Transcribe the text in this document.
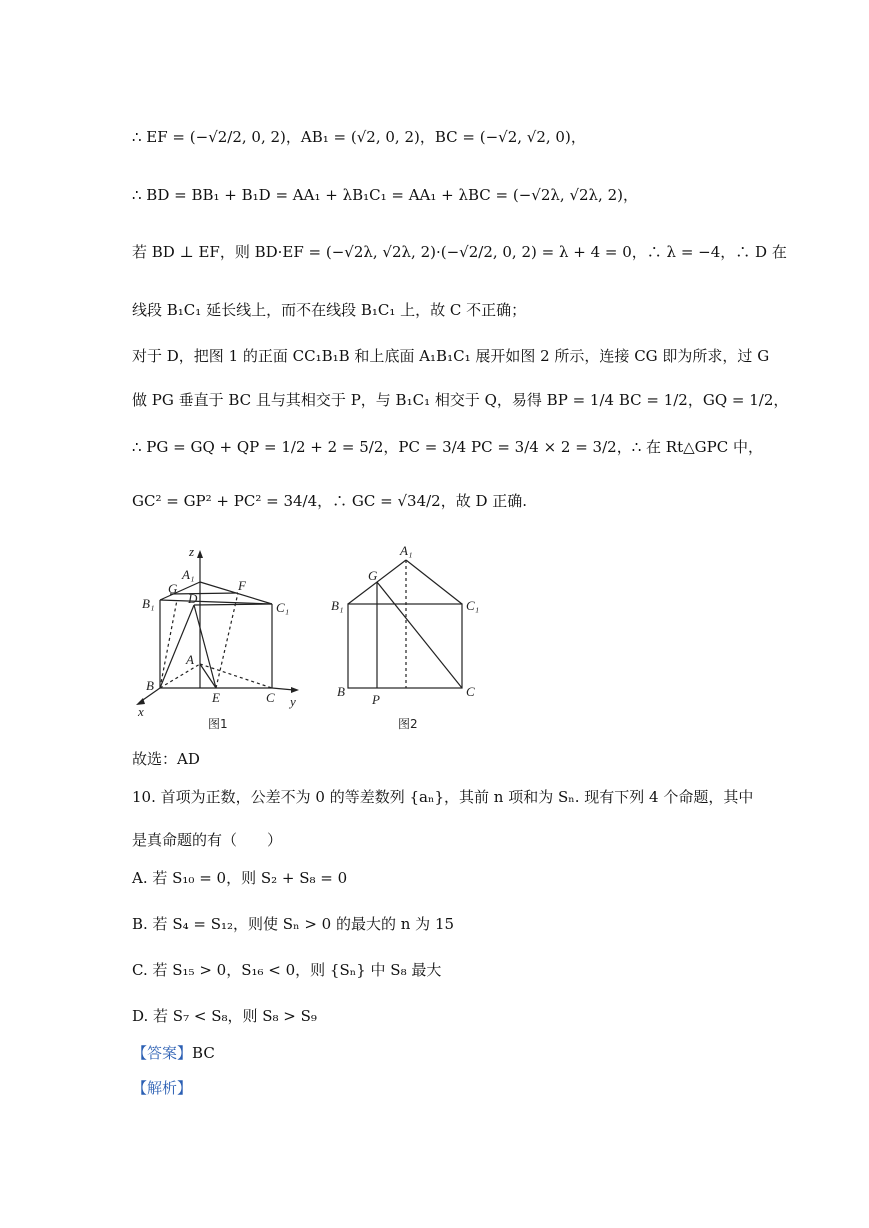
∴ EF = (−√2/2, 0, 2)，AB₁ = (√2, 0, 2)，BC = (−√2, √2, 0)，
∴ BD = BB₁ + B₁D = AA₁ + λB₁C₁ = AA₁ + λBC = (−√2λ, √2λ, 2)，
若 BD ⊥ EF，则 BD·EF = (−√2λ, √2λ, 2)·(−√2/2, 0, 2) = λ + 4 = 0，∴ λ = −4，∴ D 在
线段 B₁C₁ 延长线上，而不在线段 B₁C₁ 上，故 C 不正确；
对于 D，把图 1 的正面 CC₁B₁B 和上底面 A₁B₁C₁ 展开如图 2 所示，连接 CG 即为所求，过 G
做 PG 垂直于 BC 且与其相交于 P，与 B₁C₁ 相交于 Q，易得 BP = 1/4 BC = 1/2，GQ = 1/2，
∴ PG = GQ + QP = 1/2 + 2 = 5/2，PC = 3/4 PC = 3/4 × 2 = 3/2，∴ 在 Rt△GPC 中，
GC² = GP² + PC² = 34/4，∴ GC = √34/2，故 D 正确.
z
A₁
G	F
D
B₁	C₁
A
B
E	C
x
y
图1
A₁
G
B₁	C₁
B
P
C
图2
故选：AD
10. 首项为正数，公差不为 0 的等差数列 {aₙ}，其前 n 项和为 Sₙ. 现有下列 4 个命题，其中
是真命题的有（　　）
A. 若 S₁₀ = 0，则 S₂ + S₈ = 0
B. 若 S₄ = S₁₂，则使 Sₙ > 0 的最大的 n 为 15
C. 若 S₁₅ > 0，S₁₆ < 0，则 {Sₙ} 中 S₈ 最大
D. 若 S₇ < S₈，则 S₈ > S₉
【答案】BC
【解析】
